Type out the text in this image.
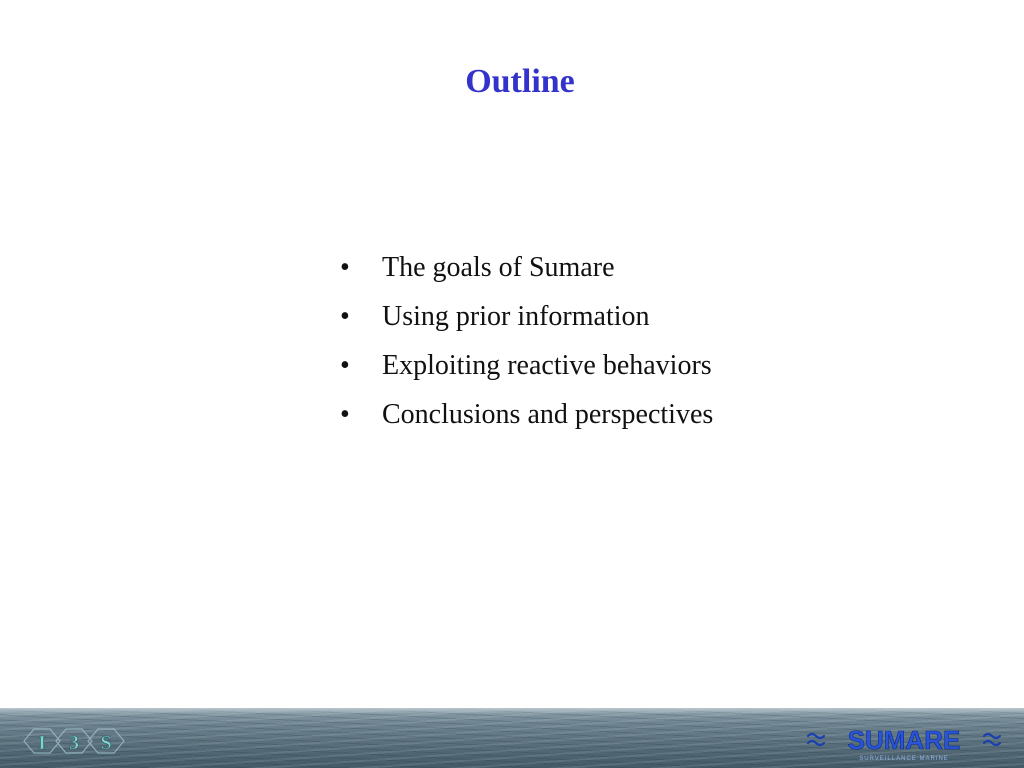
Outline
•	The goals of Sumare
•	Using prior information
•	Exploiting reactive behaviors
•	Conclusions and perspectives
I 3 S	SUMARE
SURVEILLANCE MARINE
